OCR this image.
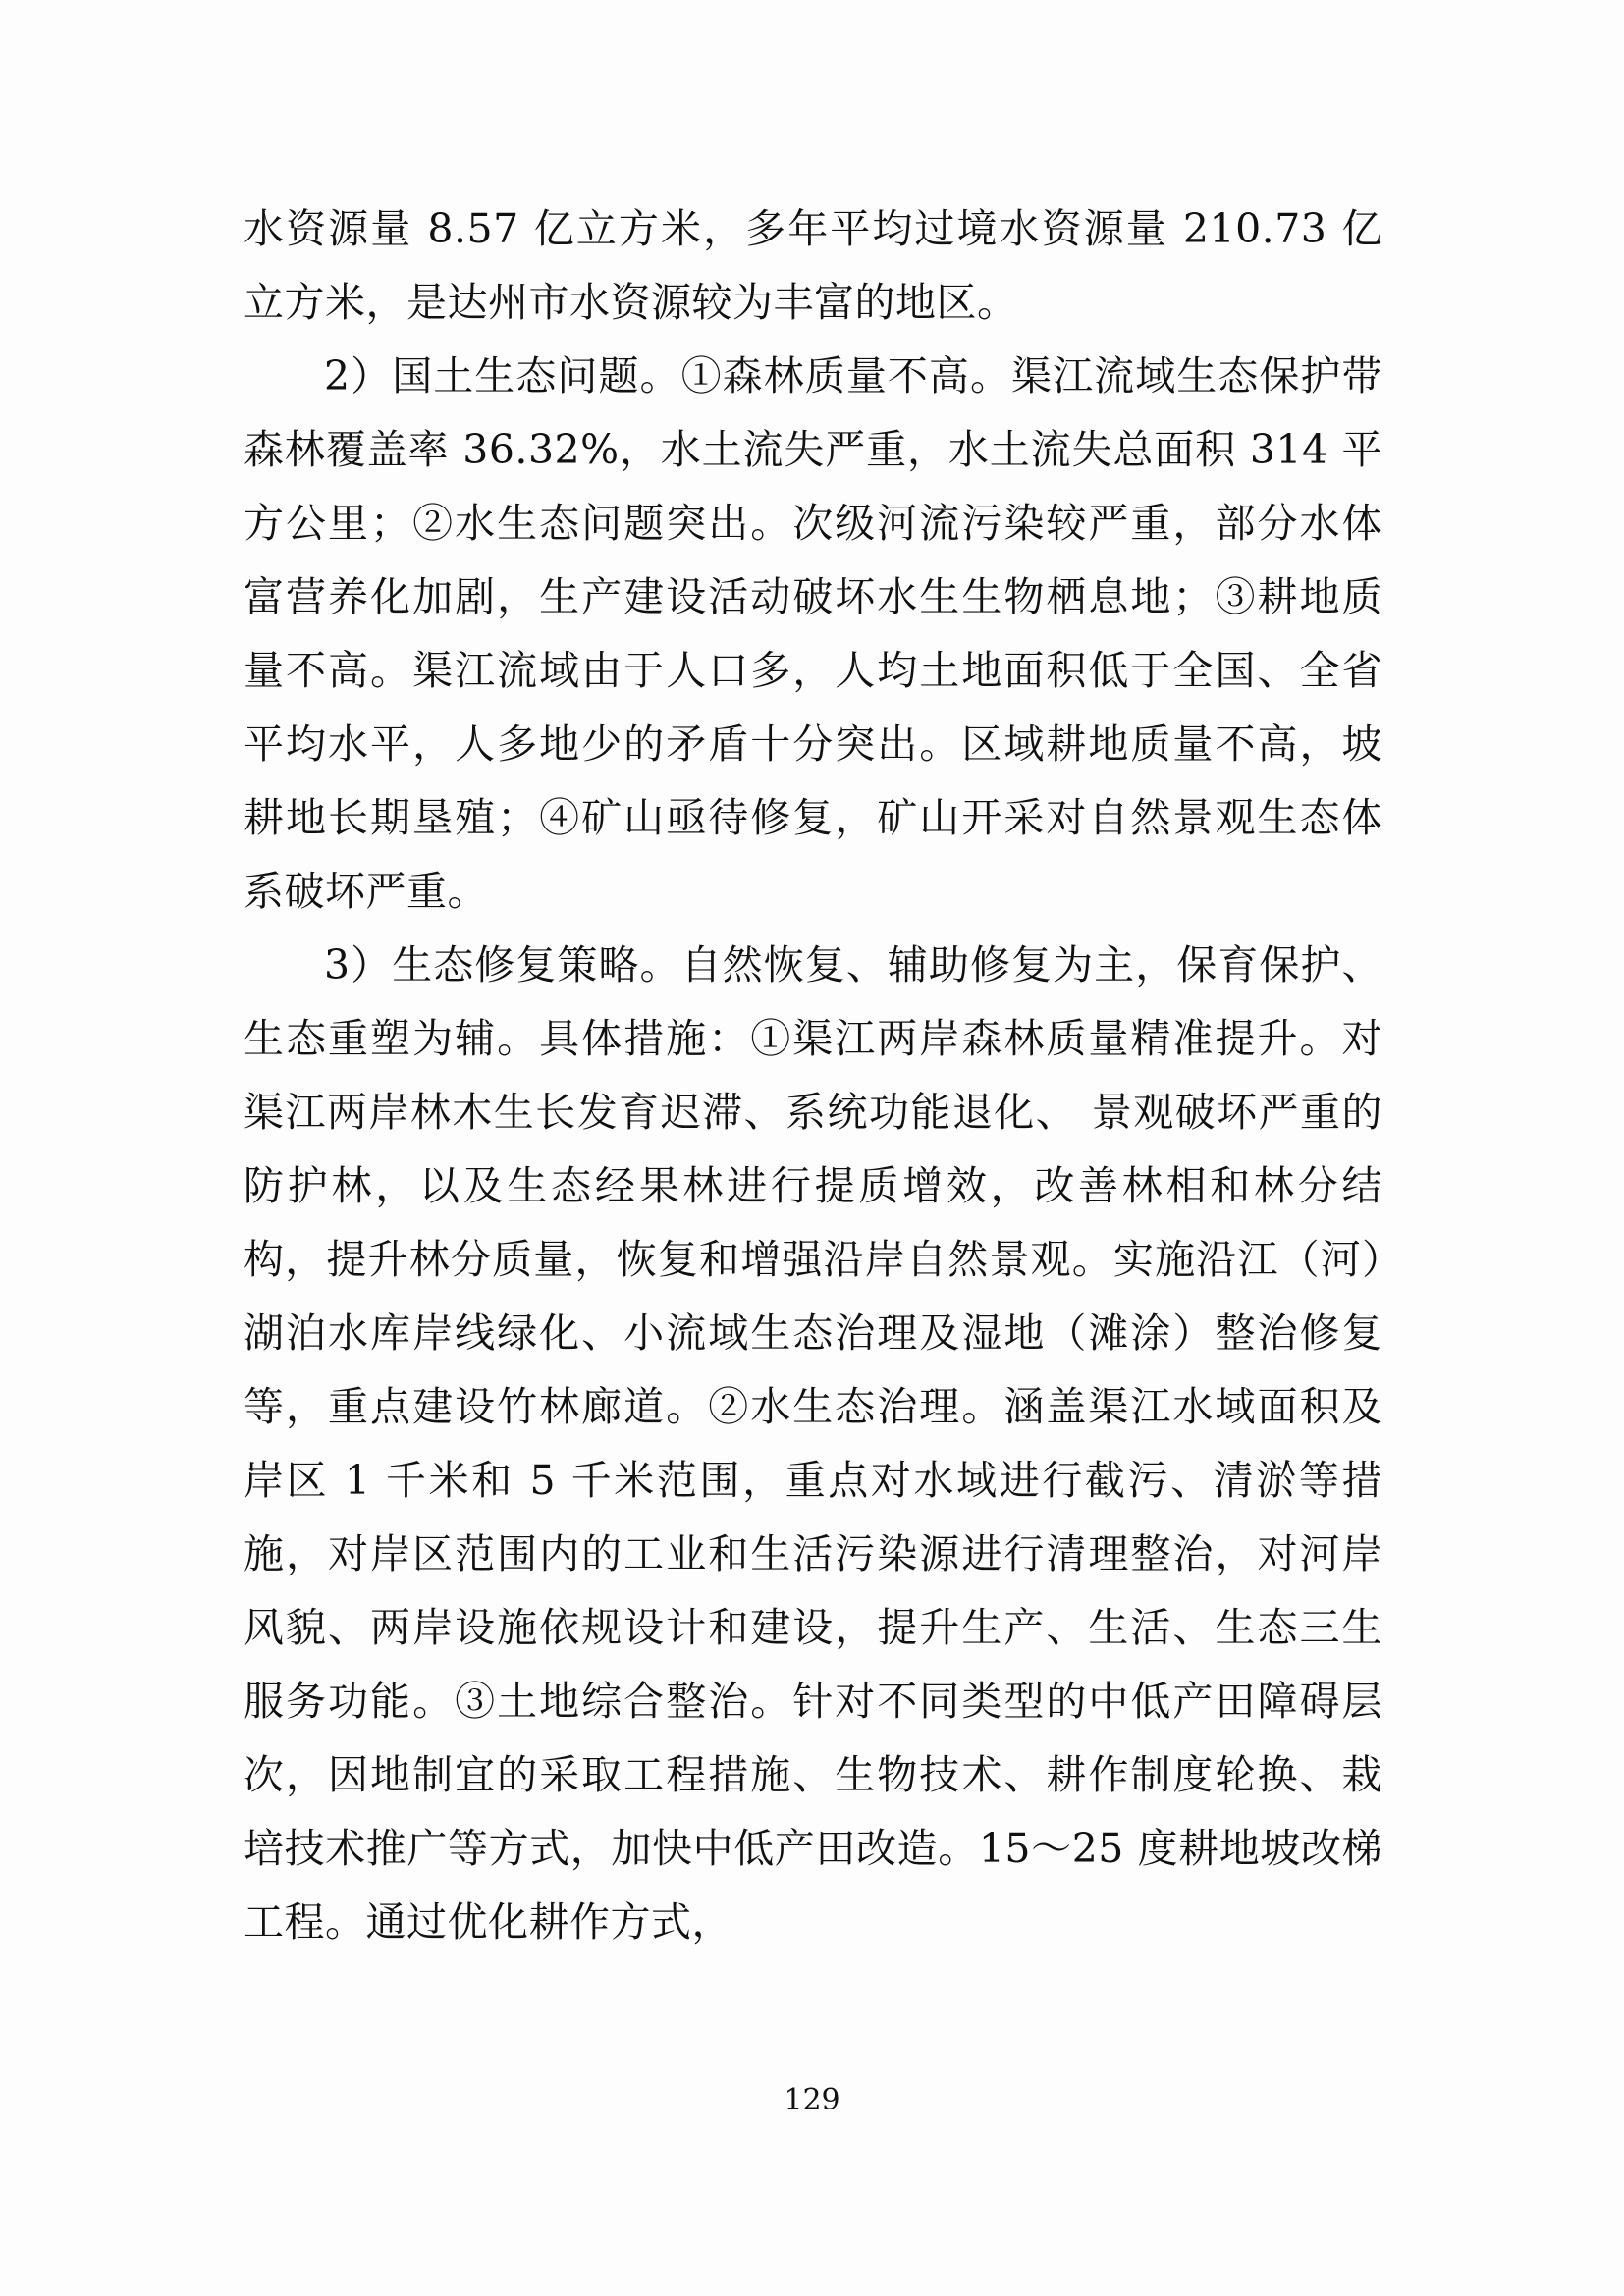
水资源量 8.57 亿立方米，多年平均过境水资源量 210.73 亿立方米，是达州市水资源较为丰富的地区。

2）国土生态问题。①森林质量不高。渠江流域生态保护带森林覆盖率 36.32%，水土流失严重，水土流失总面积 314 平方公里；②水生态问题突出。次级河流污染较严重，部分水体富营养化加剧，生产建设活动破坏水生生物栖息地；③耕地质量不高。渠江流域由于人口多，人均土地面积低于全国、全省平均水平，人多地少的矛盾十分突出。区域耕地质量不高，坡耕地长期垦殖；④矿山亟待修复，矿山开采对自然景观生态体系破坏严重。

3）生态修复策略。自然恢复、辅助修复为主，保育保护、生态重塑为辅。具体措施：①渠江两岸森林质量精准提升。对渠江两岸林木生长发育迟滞、系统功能退化、 景观破坏严重的防护林，以及生态经果林进行提质增效，改善林相和林分结构，提升林分质量，恢复和增强沿岸自然景观。实施沿江（河）湖泊水库岸线绿化、小流域生态治理及湿地（滩涂）整治修复等，重点建设竹林廊道。②水生态治理。涵盖渠江水域面积及岸区 1 千米和 5 千米范围，重点对水域进行截污、清淤等措施，对岸区范围内的工业和生活污染源进行清理整治，对河岸风貌、两岸设施依规设计和建设，提升生产、生活、生态三生服务功能。③土地综合整治。针对不同类型的中低产田障碍层次，因地制宜的采取工程措施、生物技术、耕作制度轮换、栽培技术推广等方式，加快中低产田改造。15～25 度耕地坡改梯工程。通过优化耕作方式，

129
